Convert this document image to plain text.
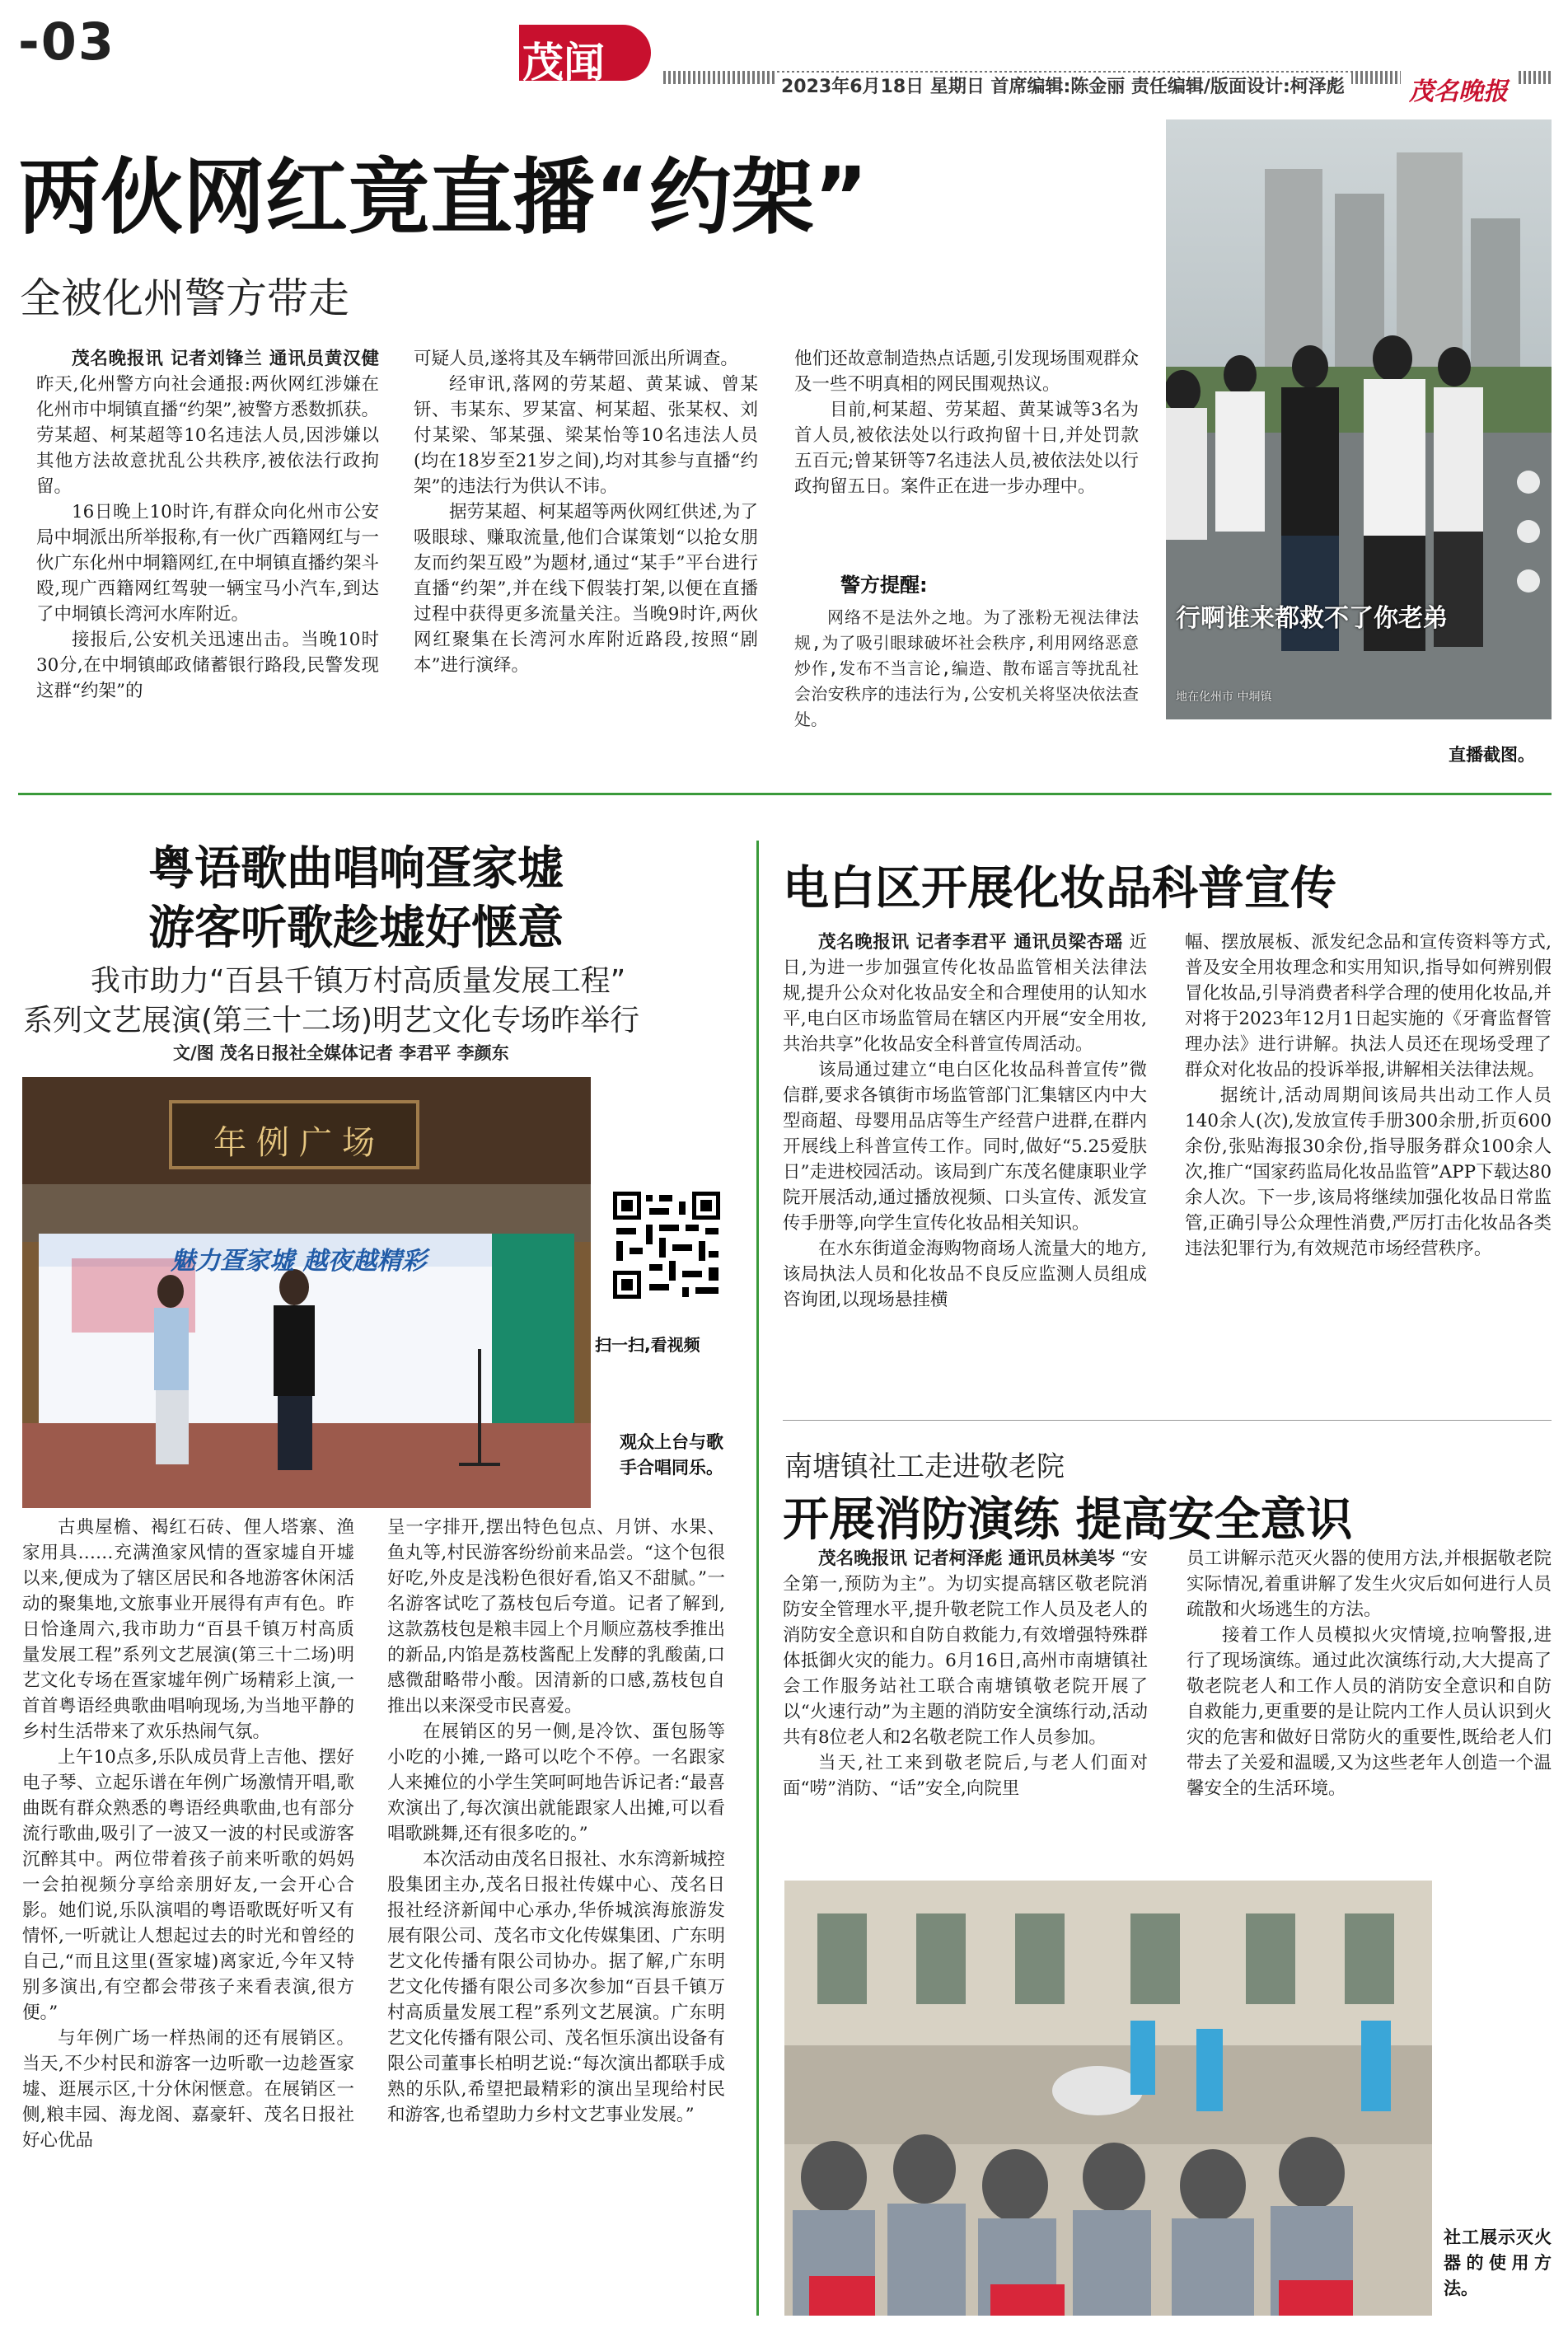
-03	茂闻
2023年6月18日 星期日 首席编辑:陈金丽 责任编辑/版面设计:柯泽彪	茂名晚报
两伙网红竟直播“约架”
全被化州警方带走

茂名晚报讯 记者刘锋兰 通讯员黄汉健 昨天,化州警方向社会通报:两伙网红涉嫌在化州市中垌镇直播“约架”,被警方悉数抓获。劳某超、柯某超等10名违法人员,因涉嫌以其他方法故意扰乱公共秩序,被依法行政拘留。

16日晚上10时许,有群众向化州市公安局中垌派出所举报称,有一伙广西籍网红与一伙广东化州中垌籍网红,在中垌镇直播约架斗殴,现广西籍网红驾驶一辆宝马小汽车,到达了中垌镇长湾河水库附近。

接报后,公安机关迅速出击。当晚10时30分,在中垌镇邮政储蓄银行路段,民警发现这群“约架”的

可疑人员,遂将其及车辆带回派出所调查。

经审讯,落网的劳某超、黄某诚、曾某钘、韦某东、罗某富、柯某超、张某权、刘付某梁、邹某强、梁某怡等10名违法人员(均在18岁至21岁之间),均对其参与直播“约架”的违法行为供认不讳。

据劳某超、柯某超等两伙网红供述,为了吸眼球、赚取流量,他们合谋策划“以抢女朋友而约架互殴”为题材,通过“某手”平台进行直播“约架”,并在线下假装打架,以便在直播过程中获得更多流量关注。当晚9时许,两伙网红聚集在长湾河水库附近路段,按照“剧本”进行演绎。

他们还故意制造热点话题,引发现场围观群众及一些不明真相的网民围观热议。

目前,柯某超、劳某超、黄某诚等3名为首人员,被依法处以行政拘留十日,并处罚款五百元;曾某钘等7名违法人员,被依法处以行政拘留五日。案件正在进一步办理中。

警方提醒:
网络不是法外之地。为了涨粉无视法律法规,为了吸引眼球破坏社会秩序,利用网络恶意炒作,发布不当言论,编造、散布谣言等扰乱社会治安秩序的违法行为,公安机关将坚决依法查处。
行啊谁来都救不了你老弟
地在化州市 中垌镇
直播截图。
粤语歌曲唱响疍家墟
游客听歌趁墟好惬意
我市助力“百县千镇万村高质量发展工程”
系列文艺展演(第三十二场)明艺文化专场昨举行
文/图 茂名日报社全媒体记者 李君平 李颜东
年例广场
魅力疍家墟 越夜越精彩
扫一扫,看视频
观众上台与歌手合唱同乐。

古典屋檐、褐红石砖、俚人塔寨、渔家用具……充满渔家风情的疍家墟自开墟以来,便成为了辖区居民和各地游客休闲活动的聚集地,文旅事业开展得有声有色。昨日恰逢周六,我市助力“百县千镇万村高质量发展工程”系列文艺展演(第三十二场)明艺文化专场在疍家墟年例广场精彩上演,一首首粤语经典歌曲唱响现场,为当地平静的乡村生活带来了欢乐热闹气氛。

上午10点多,乐队成员背上吉他、摆好电子琴、立起乐谱在年例广场激情开唱,歌曲既有群众熟悉的粤语经典歌曲,也有部分流行歌曲,吸引了一波又一波的村民或游客沉醉其中。两位带着孩子前来听歌的妈妈一会拍视频分享给亲朋好友,一会开心合影。她们说,乐队演唱的粤语歌既好听又有情怀,一听就让人想起过去的时光和曾经的自己,“而且这里(疍家墟)离家近,今年又特别多演出,有空都会带孩子来看表演,很方便。”

与年例广场一样热闹的还有展销区。当天,不少村民和游客一边听歌一边趁疍家墟、逛展示区,十分休闲惬意。在展销区一侧,粮丰园、海龙阁、嘉豪轩、茂名日报社好心优品

呈一字排开,摆出特色包点、月饼、水果、鱼丸等,村民游客纷纷前来品尝。“这个包很好吃,外皮是浅粉色很好看,馅又不甜腻。”一名游客试吃了荔枝包后夸道。记者了解到,这款荔枝包是粮丰园上个月顺应荔枝季推出的新品,内馅是荔枝酱配上发酵的乳酸菌,口感微甜略带小酸。因清新的口感,荔枝包自推出以来深受市民喜爱。

在展销区的另一侧,是冷饮、蛋包肠等小吃的小摊,一路可以吃个不停。一名跟家人来摊位的小学生笑呵呵地告诉记者:“最喜欢演出了,每次演出就能跟家人出摊,可以看唱歌跳舞,还有很多吃的。”

本次活动由茂名日报社、水东湾新城控股集团主办,茂名日报社传媒中心、茂名日报社经济新闻中心承办,华侨城滨海旅游发展有限公司、茂名市文化传媒集团、广东明艺文化传播有限公司协办。据了解,广东明艺文化传播有限公司多次参加“百县千镇万村高质量发展工程”系列文艺展演。广东明艺文化传播有限公司、茂名恒乐演出设备有限公司董事长柏明艺说:“每次演出都联手成熟的乐队,希望把最精彩的演出呈现给村民和游客,也希望助力乡村文艺事业发展。”

电白区开展化妆品科普宣传

茂名晚报讯 记者李君平 通讯员梁杏瑶 近日,为进一步加强宣传化妆品监管相关法律法规,提升公众对化妆品安全和合理使用的认知水平,电白区市场监管局在辖区内开展“安全用妆,共治共享”化妆品安全科普宣传周活动。

该局通过建立“电白区化妆品科普宣传”微信群,要求各镇街市场监管部门汇集辖区内中大型商超、母婴用品店等生产经营户进群,在群内开展线上科普宣传工作。同时,做好“5.25爱肤日”走进校园活动。该局到广东茂名健康职业学院开展活动,通过播放视频、口头宣传、派发宣传手册等,向学生宣传化妆品相关知识。

在水东街道金海购物商场人流量大的地方,该局执法人员和化妆品不良反应监测人员组成咨询团,以现场悬挂横

幅、摆放展板、派发纪念品和宣传资料等方式,普及安全用妆理念和实用知识,指导如何辨别假冒化妆品,引导消费者科学合理的使用化妆品,并对将于2023年12月1日起实施的《牙膏监督管理办法》进行讲解。执法人员还在现场受理了群众对化妆品的投诉举报,讲解相关法律法规。

据统计,活动周期间该局共出动工作人员140余人(次),发放宣传手册300余册,折页600余份,张贴海报30余份,指导服务群众100余人次,推广“国家药监局化妆品监管”APP下载达80余人次。下一步,该局将继续加强化妆品日常监管,正确引导公众理性消费,严厉打击化妆品各类违法犯罪行为,有效规范市场经营秩序。

南塘镇社工走进敬老院
开展消防演练 提高安全意识

茂名晚报讯 记者柯泽彪 通讯员林美岑 “安全第一,预防为主”。为切实提高辖区敬老院消防安全管理水平,提升敬老院工作人员及老人的消防安全意识和自防自救能力,有效增强特殊群体抵御火灾的能力。6月16日,高州市南塘镇社会工作服务站社工联合南塘镇敬老院开展了以“火速行动”为主题的消防安全演练行动,活动共有8位老人和2名敬老院工作人员参加。

当天,社工来到敬老院后,与老人们面对面“唠”消防、“话”安全,向院里

员工讲解示范灭火器的使用方法,并根据敬老院实际情况,着重讲解了发生火灾后如何进行人员疏散和火场逃生的方法。

接着工作人员模拟火灾情境,拉响警报,进行了现场演练。通过此次演练行动,大大提高了敬老院老人和工作人员的消防安全意识和自防自救能力,更重要的是让院内工作人员认识到火灾的危害和做好日常防火的重要性,既给老人们带去了关爱和温暖,又为这些老年人创造一个温馨安全的生活环境。

社工展示灭火器的使用方法。
